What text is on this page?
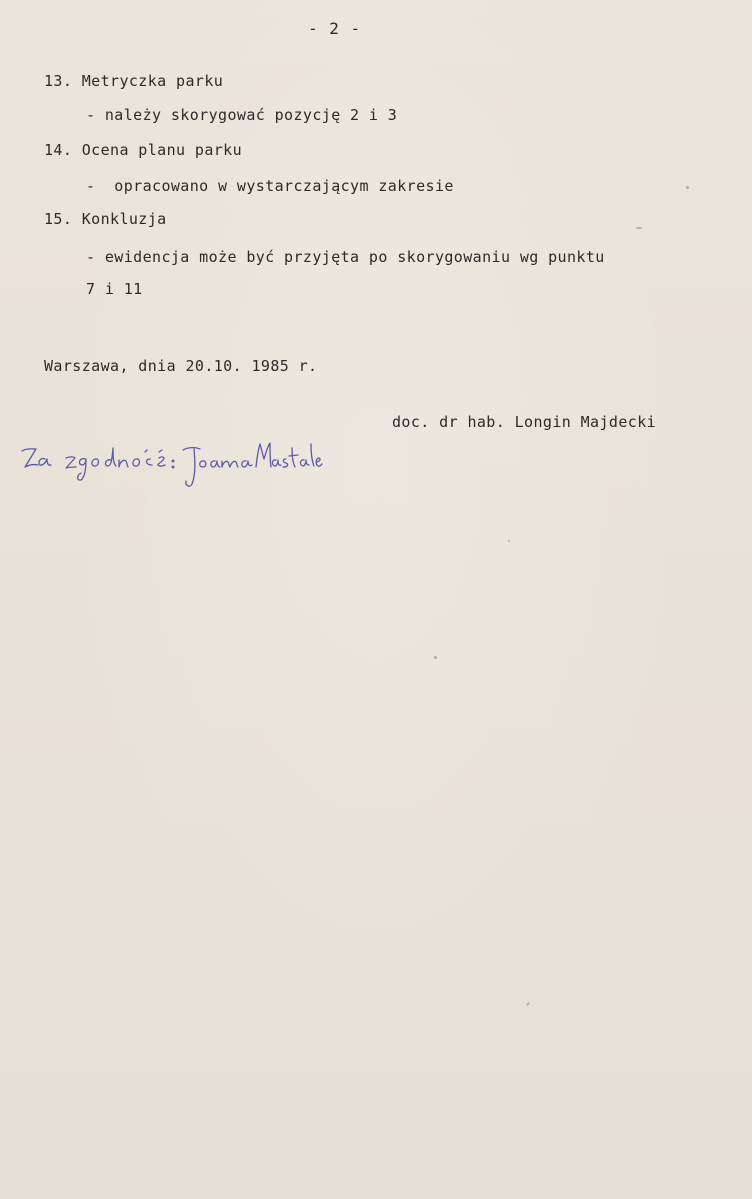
- 2 -
13. Metryczka parku
- należy skorygować pozycję 2 i 3
14. Ocena planu parku
-  opracowano w wystarczającym zakresie
15. Konkluzja
- ewidencja może być przyjęta po skorygowaniu wg punktu
7 i 11
Warszawa, dnia 20.10. 1985 r.
doc. dr hab. Longin Majdecki
